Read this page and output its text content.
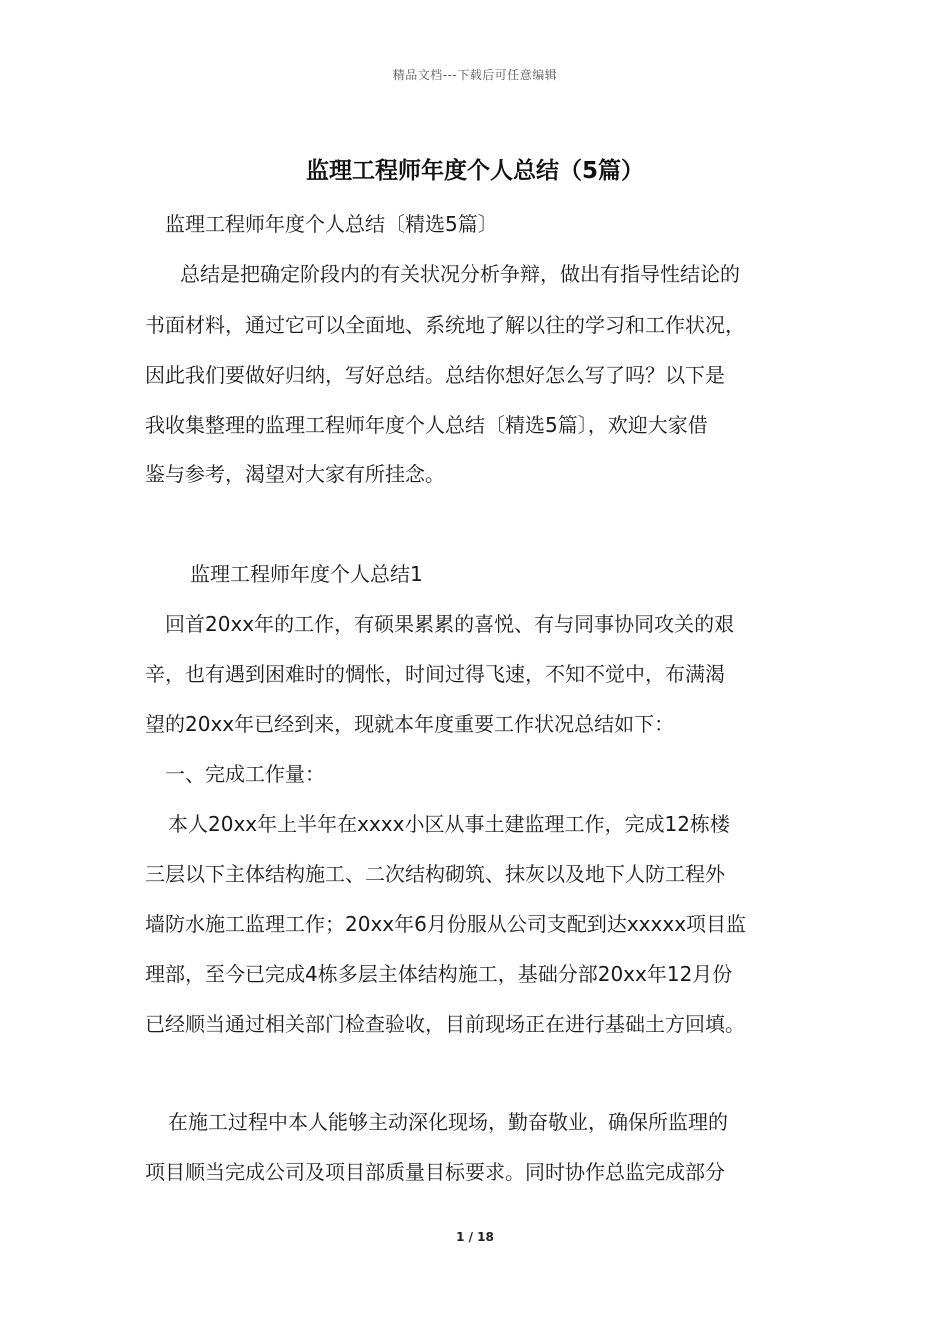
精品文档---下载后可任意编辑
监理工程师年度个人总结（5篇）
监理工程师年度个人总结〔精选5篇〕
总结是把确定阶段内的有关状况分析争辩，做出有指导性结论的
书面材料，通过它可以全面地、系统地了解以往的学习和工作状况，
因此我们要做好归纳，写好总结。总结你想好怎么写了吗？以下是
我收集整理的监理工程师年度个人总结〔精选5篇〕，欢迎大家借
鉴与参考，渴望对大家有所挂念。
监理工程师年度个人总结1
回首20xx年的工作，有硕果累累的喜悦、有与同事协同攻关的艰
辛，也有遇到困难时的惆怅，时间过得飞速，不知不觉中，布满渴
望的20xx年已经到来，现就本年度重要工作状况总结如下：
一、完成工作量：
本人20xx年上半年在xxxx小区从事土建监理工作，完成12栋楼
三层以下主体结构施工、二次结构砌筑、抹灰以及地下人防工程外
墙防水施工监理工作；20xx年6月份服从公司支配到达xxxxx项目监
理部，至今已完成4栋多层主体结构施工，基础分部20xx年12月份
已经顺当通过相关部门检查验收，目前现场正在进行基础土方回填。
在施工过程中本人能够主动深化现场，勤奋敬业，确保所监理的
项目顺当完成公司及项目部质量目标要求。同时协作总监完成部分
1 / 18
